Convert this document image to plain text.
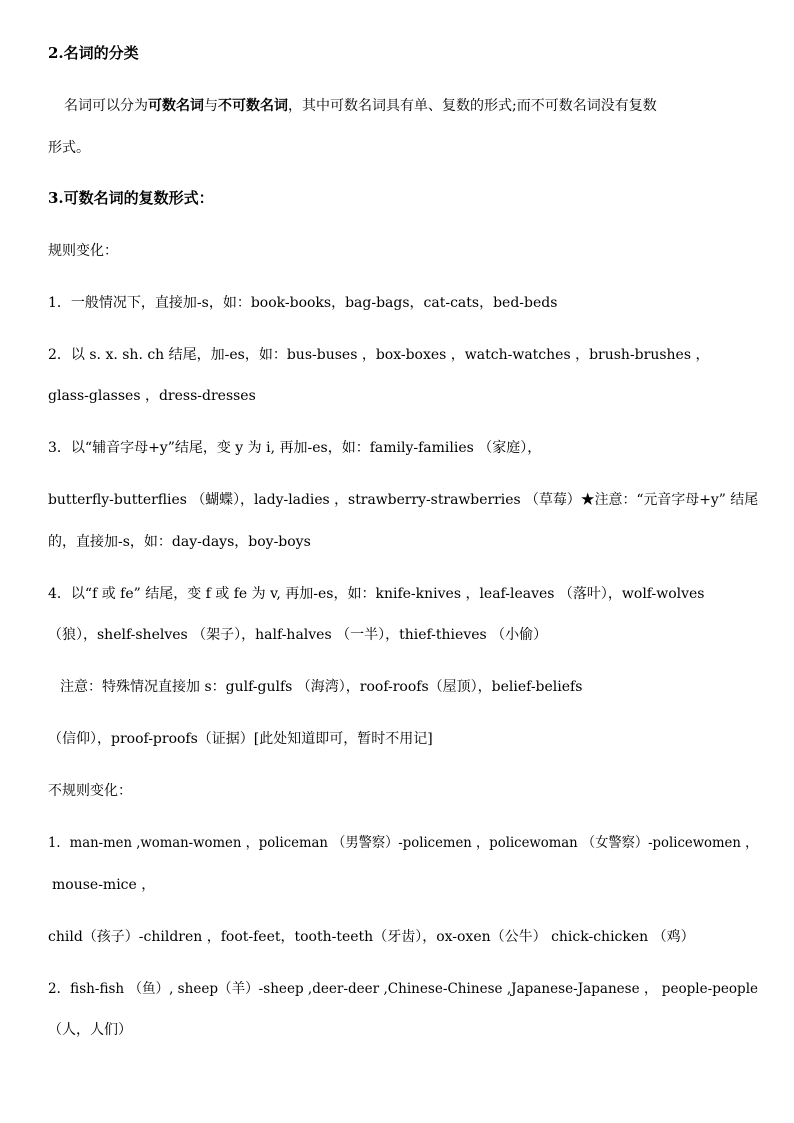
2.名词的分类
名词可以分为可数名词与不可数名词，其中可数名词具有单、复数的形式;而不可数名词没有复数
形式。
3.可数名词的复数形式：
规则变化：
1．一般情况下，直接加-s，如：book-books，bag-bags，cat-cats，bed-beds
2．以 s. x. sh. ch 结尾，加-es，如：bus-buses ，box-boxes ，watch-watches ，brush-brushes ，
glass-glasses ，dress-dresses
3．以“辅音字母+y”结尾，变 y 为 i, 再加-es，如：family-families （家庭），
butterfly-butterflies （蝴蝶），lady-ladies ，strawberry-strawberries （草莓）★注意：“元音字母+y” 结尾
的，直接加-s，如：day-days，boy-boys
4．以“f 或 fe” 结尾，变 f 或 fe 为 v, 再加-es，如：knife-knives ，leaf-leaves （落叶），wolf-wolves
（狼），shelf-shelves （架子），half-halves （一半），thief-thieves （小偷）
注意：特殊情况直接加 s：gulf-gulfs （海湾），roof-roofs（屋顶），belief-beliefs
（信仰），proof-proofs（证据）[此处知道即可，暂时不用记]
不规则变化：
1．man-men ,woman-women ，policeman （男警察）-policemen ，policewoman （女警察）-policewomen ，
mouse-mice ，
child（孩子）-children ，foot-feet，tooth-teeth（牙齿），ox-oxen（公牛） chick-chicken （鸡）
2．fish-fish （鱼）, sheep（羊）-sheep ,deer-deer ,Chinese-Chinese ,Japanese-Japanese ， people-people
（人，人们）
